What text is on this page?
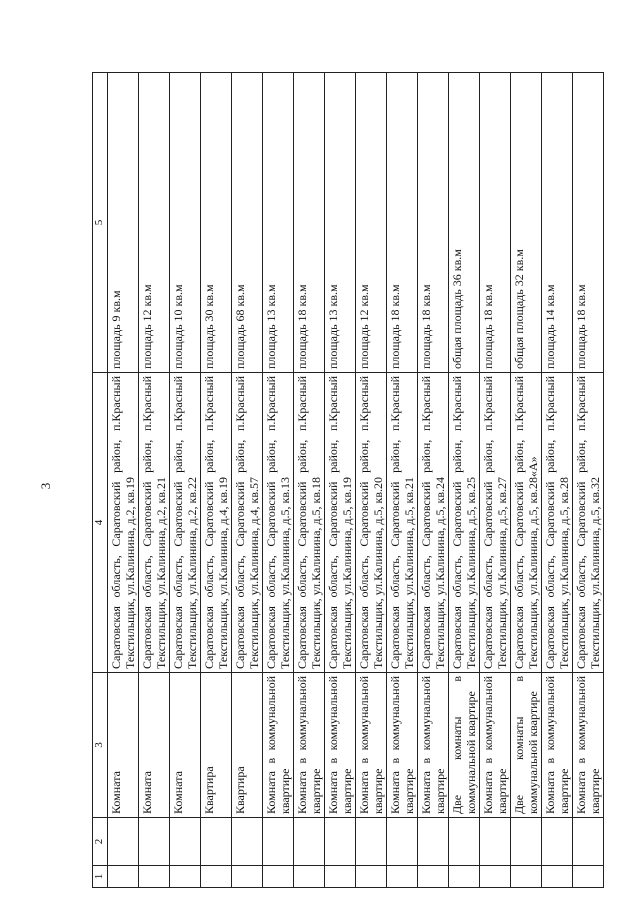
3
1	2	3	4	5
		Комната	Саратовская область, Саратовский район, п.Красный Текстильщик, ул.Калинина, д.2, кв.19	площадь 9 кв.м
		Комната	Саратовская область, Саратовский район, п.Красный Текстильщик, ул.Калинина, д.2, кв.21	площадь 12 кв.м
		Комната	Саратовская область, Саратовский район, п.Красный Текстильщик, ул.Калинина, д.2, кв.22	площадь 10 кв.м
		Квартира	Саратовская область, Саратовский район, п.Красный Текстильщик, ул.Калинина, д.4, кв.19	площадь 30 кв.м
		Квартира	Саратовская область, Саратовский район, п.Красный Текстильщик, ул.Калинина, д.4, кв.57	площадь 68 кв.м
		Комната в коммунальной квартире	Саратовская область, Саратовский район, п.Красный Текстильщик, ул.Калинина, д.5, кв.13	площадь 13 кв.м
		Комната в коммунальной квартире	Саратовская область, Саратовский район, п.Красный Текстильщик, ул.Калинина, д.5, кв.18	площадь 18 кв.м
		Комната в коммунальной квартире	Саратовская область, Саратовский район, п.Красный Текстильщик, ул.Калинина, д.5, кв.19	площадь 13 кв.м
		Комната в коммунальной квартире	Саратовская область, Саратовский район, п.Красный Текстильщик, ул.Калинина, д.5, кв.20	площадь 12 кв.м
		Комната в коммунальной квартире	Саратовская область, Саратовский район, п.Красный Текстильщик, ул.Калинина, д.5, кв.21	площадь 18 кв.м
		Комната в коммунальной квартире	Саратовская область, Саратовский район, п.Красный Текстильщик, ул.Калинина, д.5, кв.24	площадь 18 кв.м
		Две комнаты в коммунальной квартире	Саратовская область, Саратовский район, п.Красный Текстильщик, ул.Калинина, д.5, кв.25	общая площадь 36 кв.м
		Комната в коммунальной квартире	Саратовская область, Саратовский район, п.Красный Текстильщик, ул.Калинина, д.5, кв.27	площадь 18 кв.м
		Две комнаты в коммунальной квартире	Саратовская область, Саратовский район, п.Красный Текстильщик, ул.Калинина, д.5, кв.28«А»	общая площадь 32 кв.м
		Комната в коммунальной квартире	Саратовская область, Саратовский район, п.Красный Текстильщик, ул.Калинина, д.5, кв.28	площадь 14 кв.м
		Комната в коммунальной квартире	Саратовская область, Саратовский район, п.Красный Текстильщик, ул.Калинина, д.5, кв.32	площадь 18 кв.м
